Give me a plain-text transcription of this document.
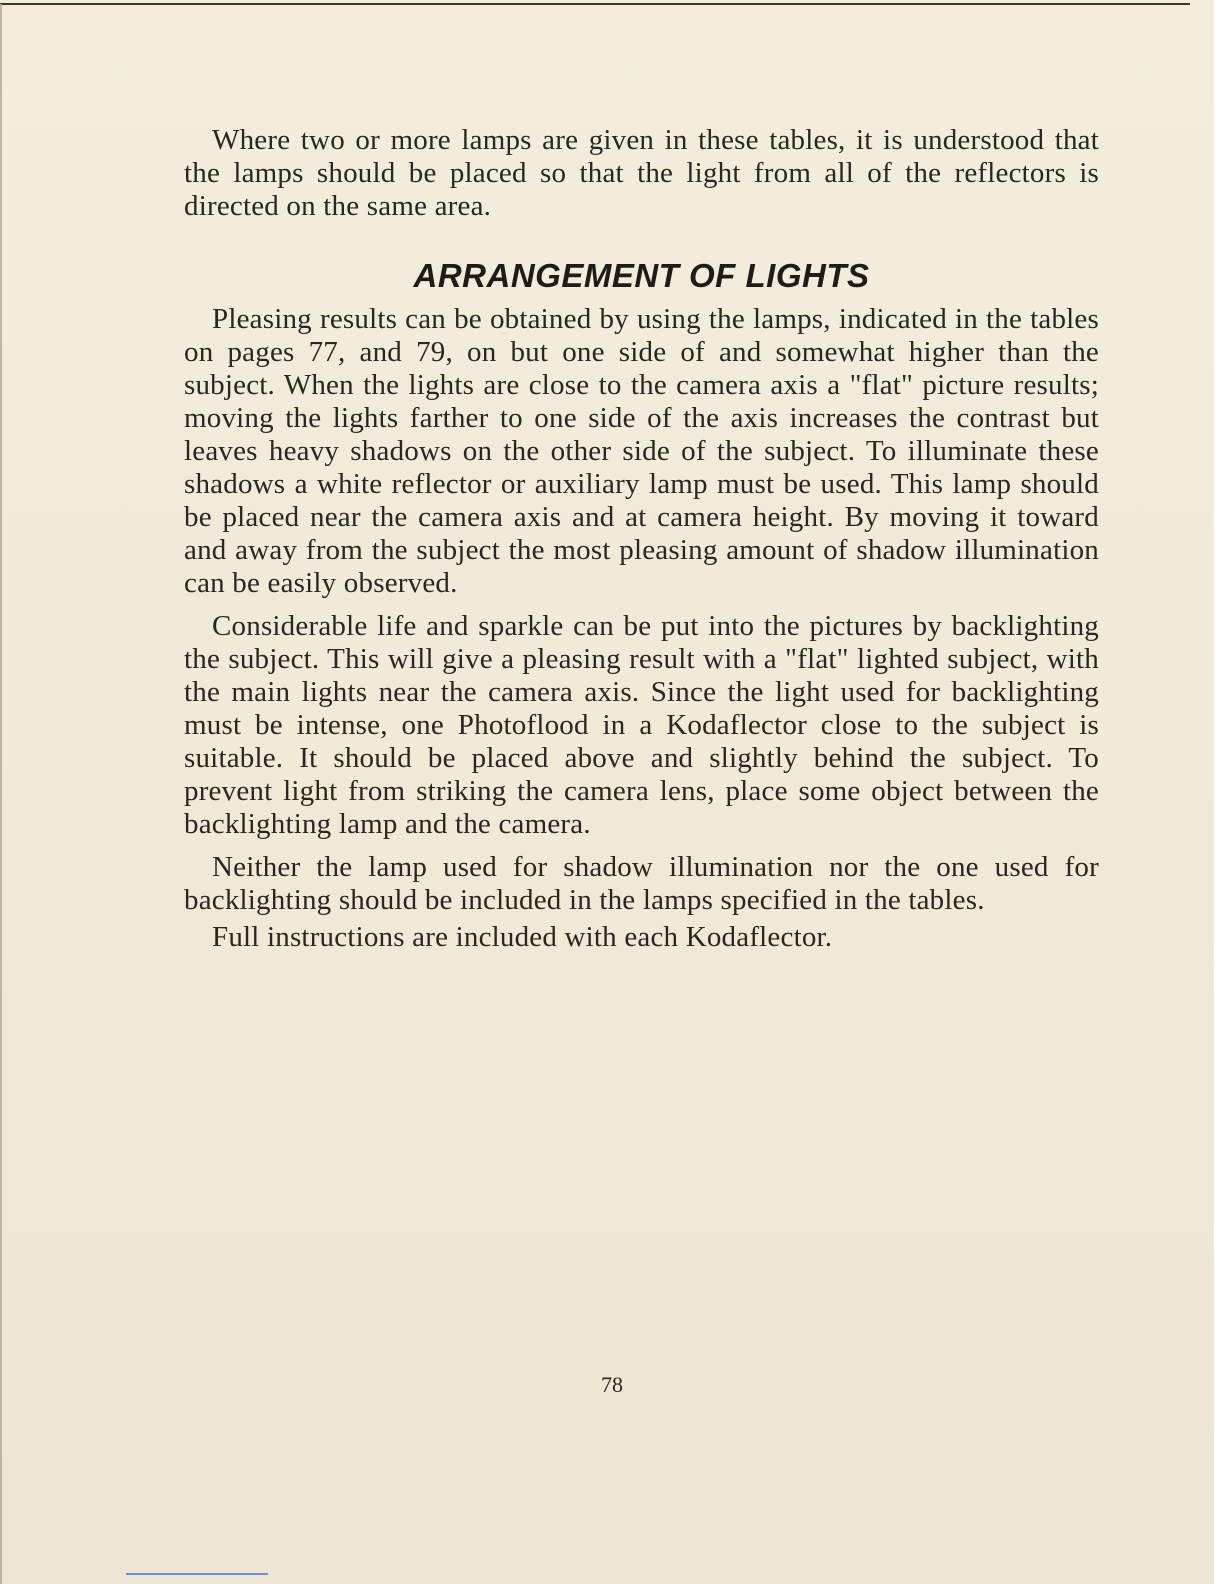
Where two or more lamps are given in these tables, it is understood that the lamps should be placed so that the light from all of the reflectors is directed on the same area.

ARRANGEMENT OF LIGHTS

Pleasing results can be obtained by using the lamps, indicated in the tables on pages 77, and 79, on but one side of and somewhat higher than the subject. When the lights are close to the camera axis a "flat" picture results; moving the lights farther to one side of the axis increases the contrast but leaves heavy shadows on the other side of the subject. To illuminate these shadows a white reflector or auxiliary lamp must be used. This lamp should be placed near the camera axis and at camera height. By moving it toward and away from the subject the most pleasing amount of shadow illumination can be easily observed.

Considerable life and sparkle can be put into the pictures by backlighting the subject. This will give a pleasing result with a "flat" lighted subject, with the main lights near the camera axis. Since the light used for backlighting must be intense, one Photoflood in a Kodaflector close to the subject is suitable. It should be placed above and slightly behind the subject. To prevent light from striking the camera lens, place some object between the backlighting lamp and the camera.

Neither the lamp used for shadow illumination nor the one used for backlighting should be included in the lamps specified in the tables.

Full instructions are included with each Kodaflector.

78
